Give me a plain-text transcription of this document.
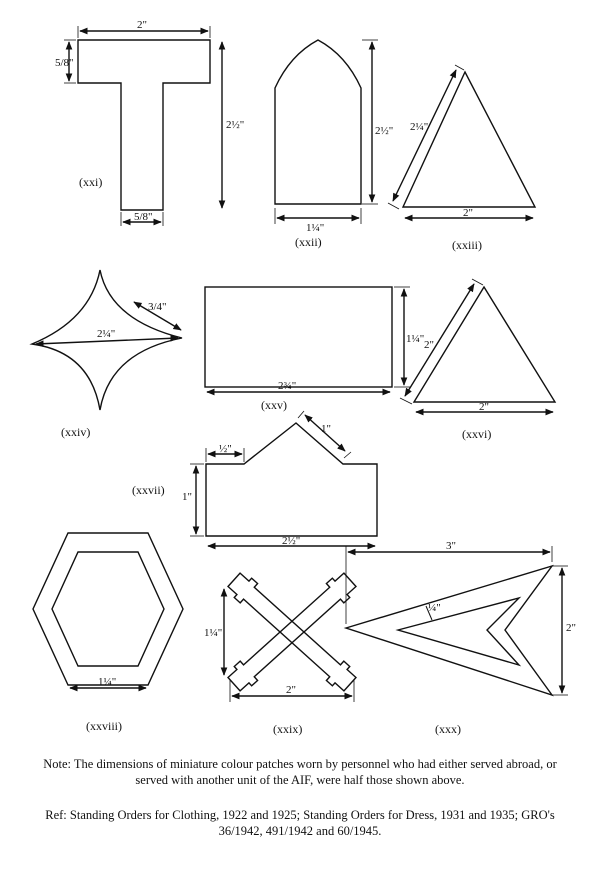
2"
5/8"
2½"
5/8"
2½"
1¼"
2¼"
2"
2¼"
3/4"
1¼"
2¾"
2"
2"
½"
1"
1"
2½"
1¼"
1¼"
2"
3"
2"
¼"
(xxi)
(xxii)	(xxiii)
(xxiv)
(xxv)
(xxvi)
(xxvii)
(xxviii)	(xxix)	(xxx)
Note: The dimensions of miniature colour patches worn by personnel who had either served abroad, or served with another unit of the AIF, were half those shown above.
Ref: Standing Orders for Clothing, 1922 and 1925; Standing Orders for Dress, 1931 and 1935; GRO's 36/1942, 491/1942 and 60/1945.
